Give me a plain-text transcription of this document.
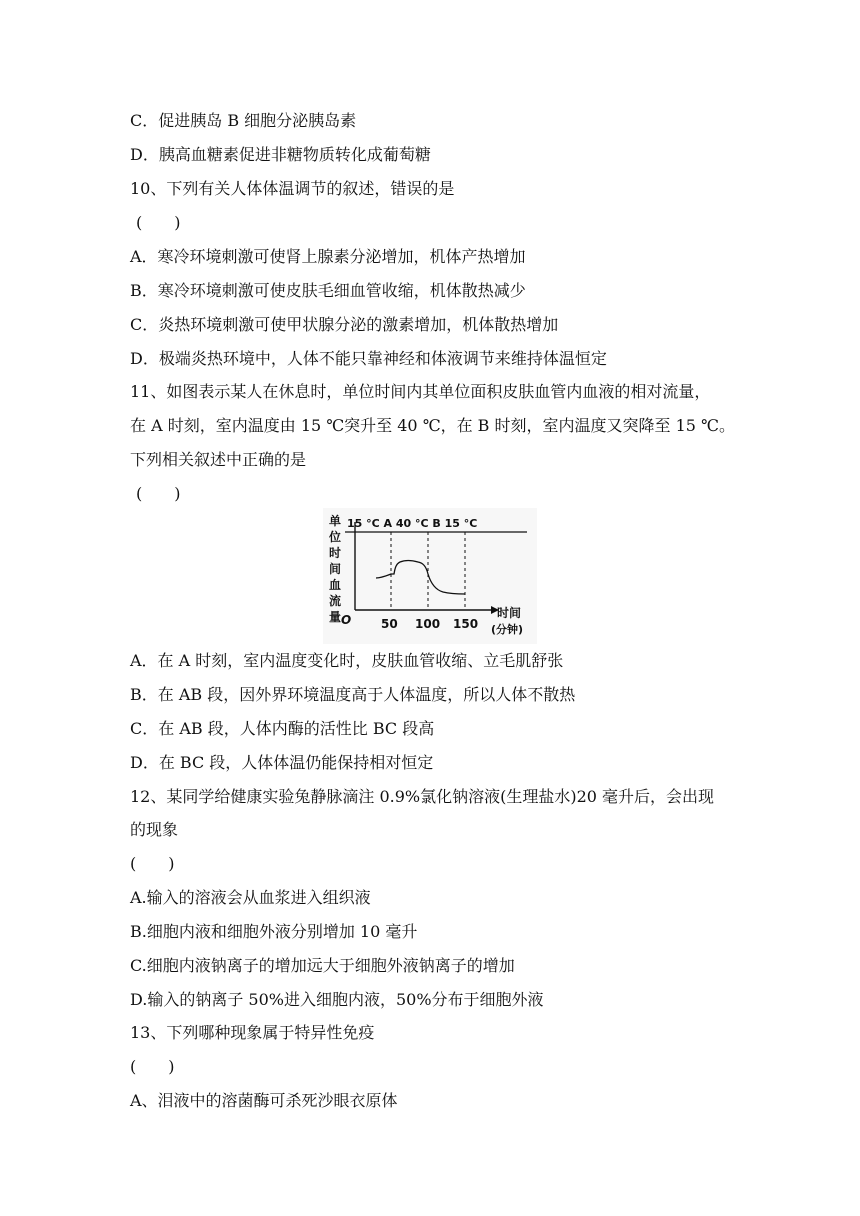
C．促进胰岛 B 细胞分泌胰岛素
D．胰高血糖素促进非糖物质转化成葡萄糖
10、下列有关人体体温调节的叙述，错误的是
(　　)
A．寒冷环境刺激可使肾上腺素分泌增加，机体产热增加
B．寒冷环境刺激可使皮肤毛细血管收缩，机体散热减少
C．炎热环境刺激可使甲状腺分泌的激素增加，机体散热增加
D．极端炎热环境中，人体不能只靠神经和体液调节来维持体温恒定
11、如图表示某人在休息时，单位时间内其单位面积皮肤血管内血液的相对流量，
在 A 时刻，室内温度由 15 ℃突升至 40 ℃，在 B 时刻，室内温度又突降至 15 ℃。
下列相关叙述中正确的是
(　　)
单
位
时
间
血
流
量
15 °C A 40 °C B 15 °C
O 50 100 150
时间
(分钟)
A．在 A 时刻，室内温度变化时，皮肤血管收缩、立毛肌舒张
B．在 AB 段，因外界环境温度高于人体温度，所以人体不散热
C．在 AB 段，人体内酶的活性比 BC 段高
D．在 BC 段，人体体温仍能保持相对恒定
12、某同学给健康实验兔静脉滴注 0.9%氯化钠溶液(生理盐水)20 毫升后，会出现
的现象
(　　)
A.输入的溶液会从血浆进入组织液
B.细胞内液和细胞外液分别增加 10 毫升
C.细胞内液钠离子的增加远大于细胞外液钠离子的增加
D.输入的钠离子 50%进入细胞内液，50%分布于细胞外液
13、下列哪种现象属于特异性免疫
(　　)
A、泪液中的溶菌酶可杀死沙眼衣原体
